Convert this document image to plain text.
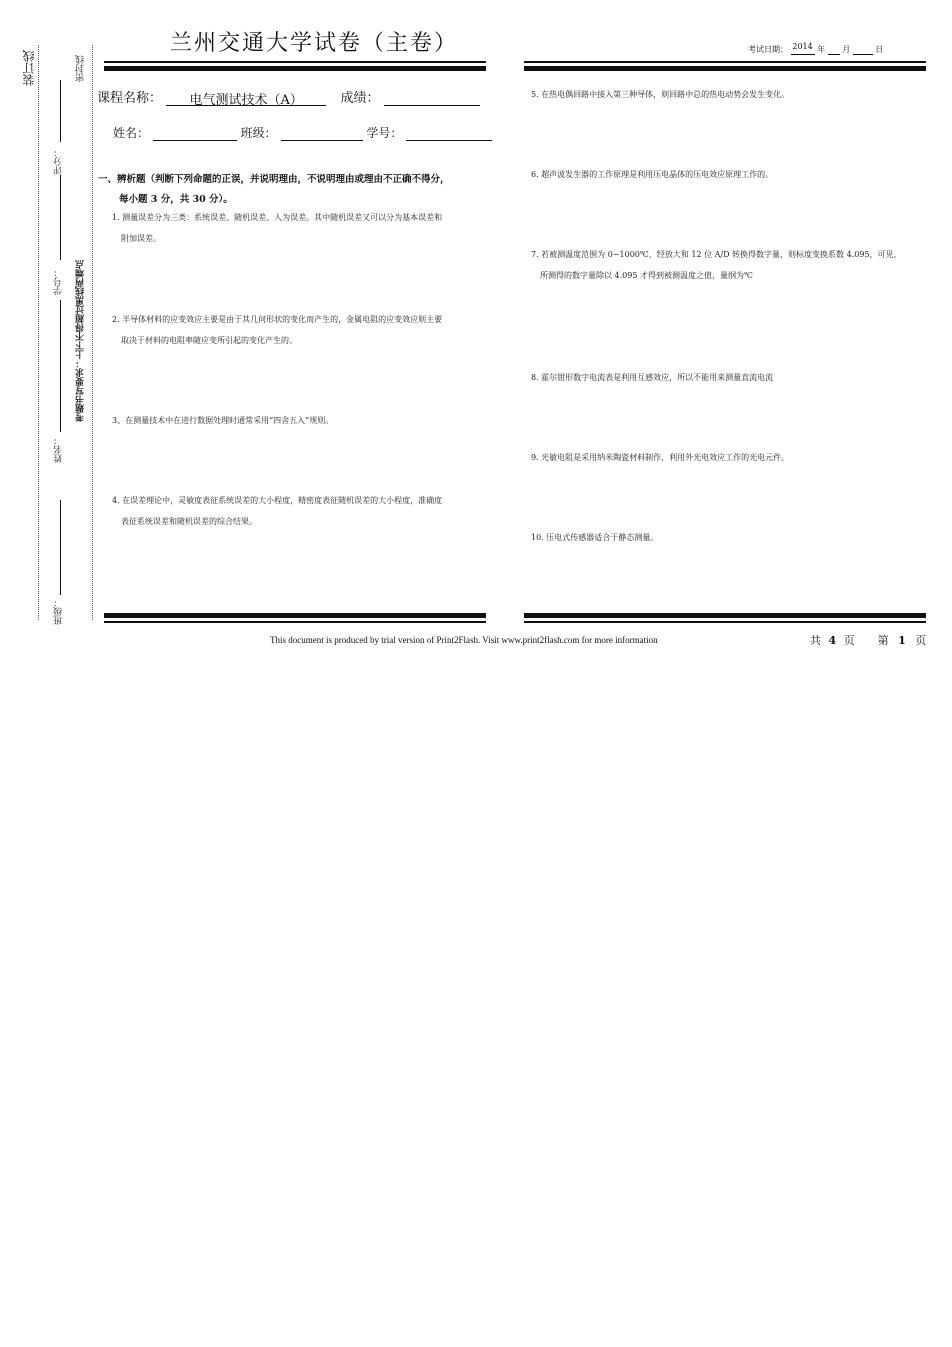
装订线	密封线
评分：
学号：
姓名：
考题书写要求：上下不得超过黑线两端点
班级：
兰州交通大学试卷（主卷）	考试日期： 2014 年 月	日
课程名称： 电气测试技术（A）	成绩：
姓名：	班级：	学号：
一、辨析题（判断下列命题的正误，并说明理由，不说明理由或理由不正确不得分，
每小题 3 分，共 30 分）。
1. 测量误差分为三类：系统误差、随机误差、人为误差。其中随机误差又可以分为基本误差和
附加误差。
2. 半导体材料的应变效应主要是由于其几何形状的变化而产生的，金属电阻的应变效应则主要
取决于材料的电阻率随应变所引起的变化产生的。
3、在测量技术中在进行数据处理时通常采用“四舍五入”规则。
4. 在误差理论中，灵敏度表征系统误差的大小程度，精密度表征随机误差的大小程度，准确度
表征系统误差和随机误差的综合结果。
5. 在热电偶回路中接入第三种导体，则回路中总的热电动势会发生变化。
6. 超声波发生器的工作原理是利用压电晶体的压电效应原理工作的。
7. 若被测温度范围为 0~1000℃，经放大和 12 位 A/D 转换得数字量，则标度变换系数 4.095，可见，
所测得的数字量除以 4.095 才得到被测温度之值，量纲为℃
8. 霍尔钳形数字电流表是利用互感效应，所以不能用来测量直流电流
9. 光敏电阻是采用纳米陶瓷材料制作，利用外光电效应工作的光电元件。
10. 压电式传感器适合于静态测量。
This document is produced by trial version of Print2Flash. Visit www.print2flash.com for more information	共 4 页 第 1 页
